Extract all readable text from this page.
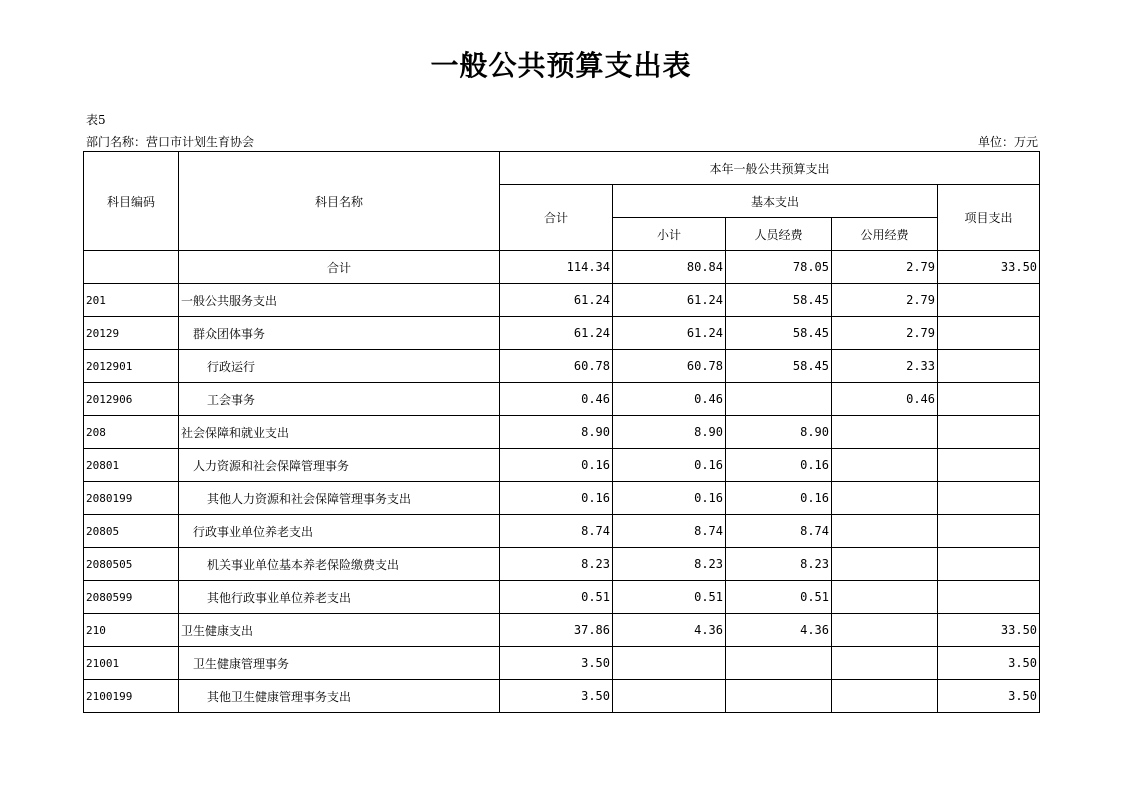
一般公共预算支出表
表5
部门名称：营口市计划生育协会	单位：万元
科目编码	科目名称	本年一般公共预算支出				
		合计	基本支出			项目支出
			小计	人员经费	公用经费	
	合计	114.34	80.84	78.05	2.79	33.50
201	一般公共服务支出	61.24	61.24	58.45	2.79	
20129	群众团体事务	61.24	61.24	58.45	2.79	
2012901	行政运行	60.78	60.78	58.45	2.33	
2012906	工会事务	0.46	0.46		0.46	
208	社会保障和就业支出	8.90	8.90	8.90		
20801	人力资源和社会保障管理事务	0.16	0.16	0.16		
2080199	其他人力资源和社会保障管理事务支出	0.16	0.16	0.16		
20805	行政事业单位养老支出	8.74	8.74	8.74		
2080505	机关事业单位基本养老保险缴费支出	8.23	8.23	8.23		
2080599	其他行政事业单位养老支出	0.51	0.51	0.51		
210	卫生健康支出	37.86	4.36	4.36		33.50
21001	卫生健康管理事务	3.50				3.50
2100199	其他卫生健康管理事务支出	3.50				3.50
